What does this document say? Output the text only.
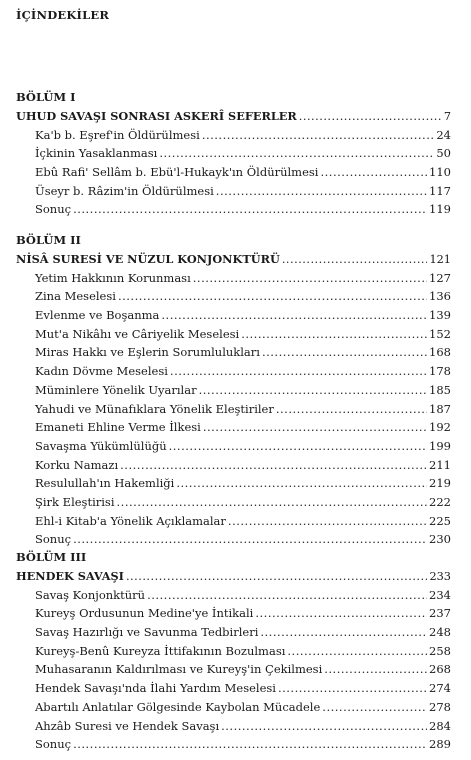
İÇİNDEKİLER
BÖLÜM I
UHUD SAVAŞI SONRASI ASKERÎ SEFERLER .....	7
Ka'b b. Eşref'in Öldürülmesi .....	24
İçkinin Yasaklanması .....	50
Ebû Rafi' Sellâm b. Ebü'l-Hukayk'ın Öldürülmesi .....	110
Üseyr b. Râzim'in Öldürülmesi .....	117
Sonuç .....	119
BÖLÜM II
NİSÂ SURESİ VE NÜZUL KONJONKTÜRÜ .....	121
Yetim Hakkının Korunması .....	127
Zina Meselesi .....	136
Evlenme ve Boşanma .....	139
Mut'a Nikâhı ve Câriyelik Meselesi .....	152
Miras Hakkı ve Eşlerin Sorumlulukları .....	168
Kadın Dövme Meselesi .....	178
Müminlere Yönelik Uyarılar .....	185
Yahudi ve Münafıklara Yönelik Eleştiriler .....	187
Emaneti Ehline Verme İlkesi .....	192
Savaşma Yükümlülüğü .....	199
Korku Namazı .....	211
Resulullah'ın Hakemliği .....	219
Şirk Eleştirisi .....	222
Ehl-i Kitab'a Yönelik Açıklamalar .....	225
Sonuç .....	230
BÖLÜM III
HENDEK SAVAŞI .....	233
Savaş Konjonktürü .....	234
Kureyş Ordusunun Medine'ye İntikali .....	237
Savaş Hazırlığı ve Savunma Tedbirleri .....	248
Kureyş-Benû Kureyza İttifakının Bozulması .....	258
Muhasaranın Kaldırılması ve Kureyş'in Çekilmesi .....	268
Hendek Savaşı'nda İlahi Yardım Meselesi .....	274
Abartılı Anlatılar Gölgesinde Kaybolan Mücadele .....	278
Ahzâb Suresi ve Hendek Savaşı .....	284
Sonuç .....	289
